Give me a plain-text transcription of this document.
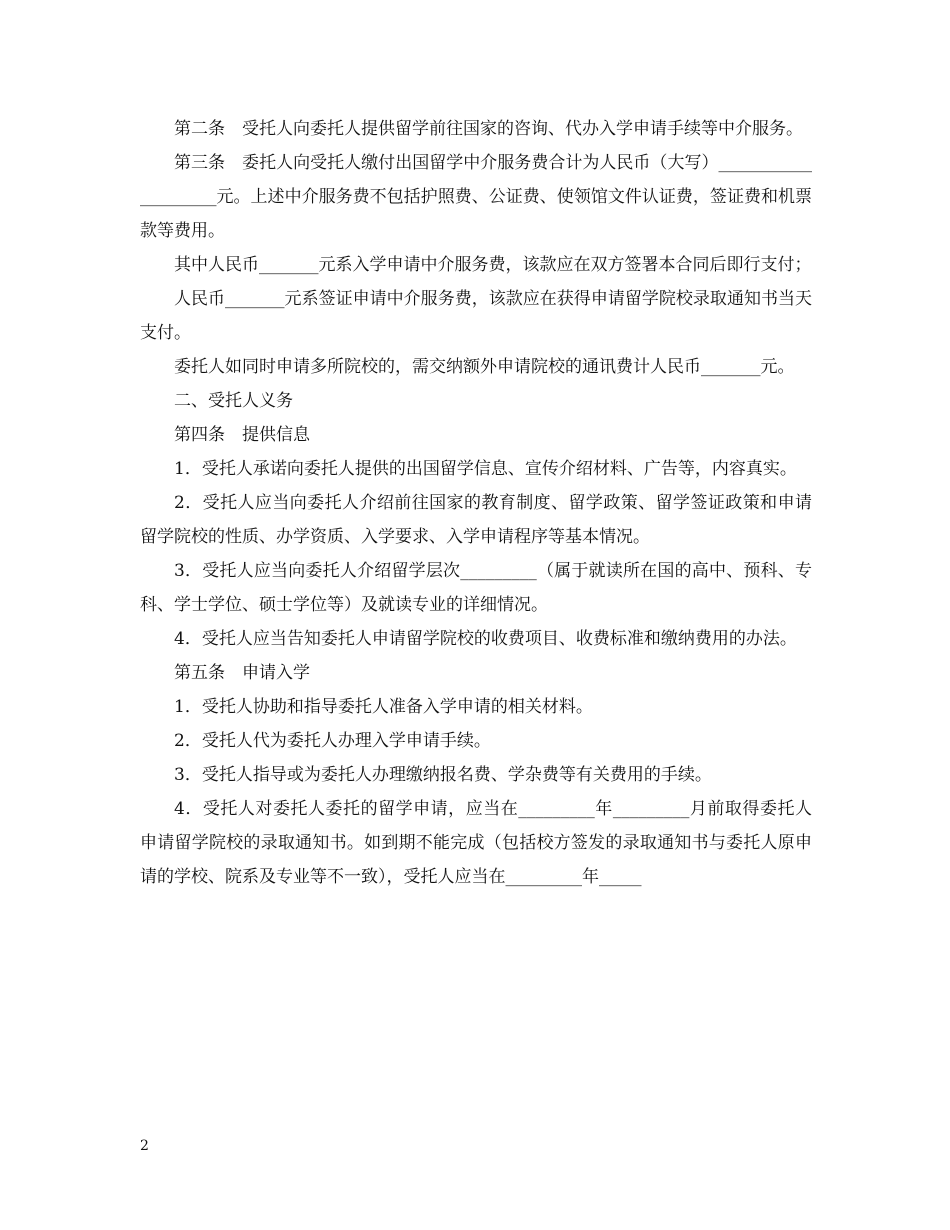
第二条　受托人向委托人提供留学前往国家的咨询、代办入学申请手续等中介服务。

第三条　委托人向受托人缴付出国留学中介服务费合计为人民币（大写）____________________元。上述中介服务费不包括护照费、公证费、使领馆文件认证费，签证费和机票款等费用。

其中人民币_______元系入学申请中介服务费，该款应在双方签署本合同后即行支付；

人民币_______元系签证申请中介服务费，该款应在获得申请留学院校录取通知书当天支付。

委托人如同时申请多所院校的，需交纳额外申请院校的通讯费计人民币_______元。

二、受托人义务

第四条　提供信息

1．受托人承诺向委托人提供的出国留学信息、宣传介绍材料、广告等，内容真实。

2．受托人应当向委托人介绍前往国家的教育制度、留学政策、留学签证政策和申请留学院校的性质、办学资质、入学要求、入学申请程序等基本情况。

3．受托人应当向委托人介绍留学层次_________（属于就读所在国的高中、预科、专科、学士学位、硕士学位等）及就读专业的详细情况。

4．受托人应当告知委托人申请留学院校的收费项目、收费标准和缴纳费用的办法。

第五条　申请入学

1．受托人协助和指导委托人准备入学申请的相关材料。

2．受托人代为委托人办理入学申请手续。

3．受托人指导或为委托人办理缴纳报名费、学杂费等有关费用的手续。

4．受托人对委托人委托的留学申请，应当在_________年_________月前取得委托人申请留学院校的录取通知书。如到期不能完成（包括校方签发的录取通知书与委托人原申请的学校、院系及专业等不一致），受托人应当在_________年_____

2
